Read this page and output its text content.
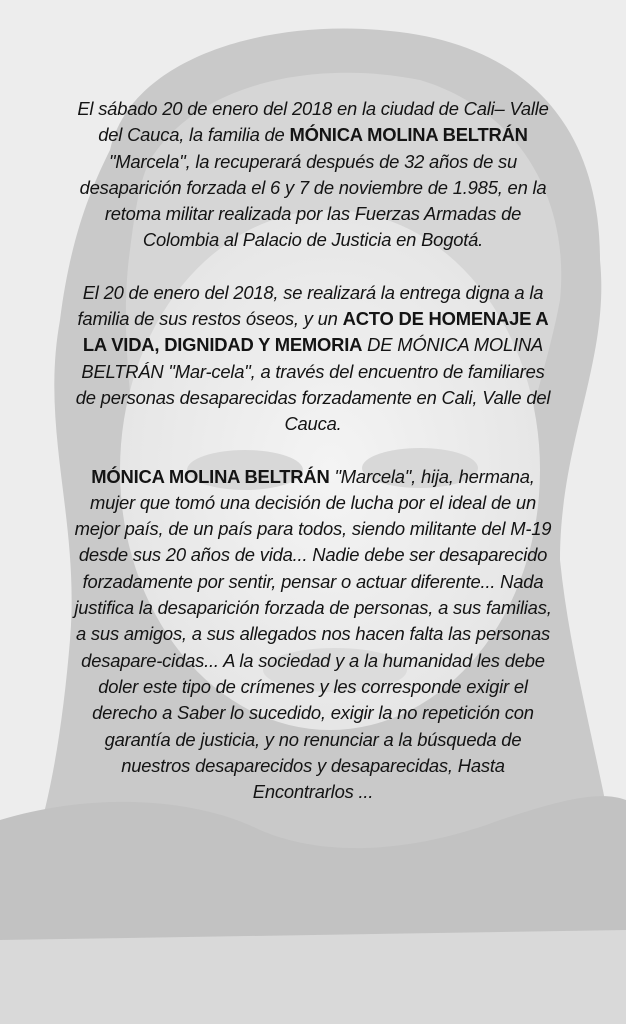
El sábado 20 de enero del 2018 en la ciudad de Cali– Valle del Cauca, la familia de MÓNICA MOLINA BELTRÁN "Marcela", la recuperará después de 32 años de su desaparición forzada el 6 y 7 de noviembre de 1.985, en la retoma militar realizada por las Fuerzas Armadas de Colombia al Palacio de Justicia en Bogotá.

El 20 de enero del 2018, se realizará la entrega digna a la familia de sus restos óseos, y un ACTO DE HOMENAJE A LA VIDA, DIGNIDAD Y MEMORIA DE MÓNICA MOLINA BELTRÁN "Mar-cela", a través del encuentro de familiares de personas desaparecidas forzadamente en Cali, Valle del Cauca.

MÓNICA MOLINA BELTRÁN "Marcela", hija, hermana, mujer que tomó una decisión de lucha por el ideal de un mejor país, de un país para todos, siendo militante del M-19 desde sus 20 años de vida... Nadie debe ser desaparecido forzadamente por sentir, pensar o actuar diferente... Nada justifica la desaparición forzada de personas, a sus familias, a sus amigos, a sus allegados nos hacen falta las personas desapare-cidas... A la sociedad y a la humanidad les debe doler este tipo de crímenes y les corresponde exigir el derecho a Saber lo sucedido, exigir la no repetición con garantía de justicia, y no renunciar a la búsqueda de nuestros desaparecidos y desaparecidas, Hasta Encontrarlos ...
